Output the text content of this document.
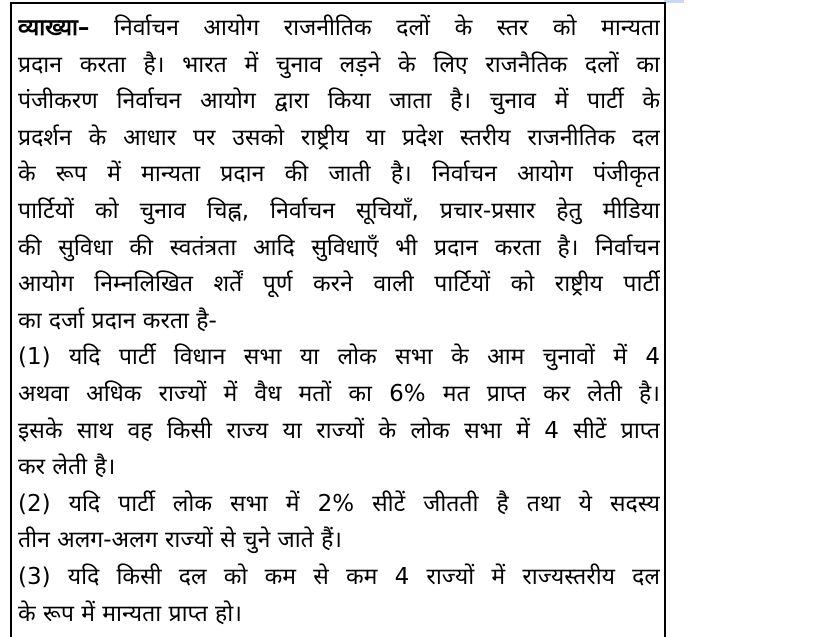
व्याख्या– निर्वाचन आयोग राजनीतिक दलों के स्तर को मान्यता
प्रदान करता है। भारत में चुनाव लड़ने के लिए राजनैतिक दलों का
पंजीकरण निर्वाचन आयोग द्वारा किया जाता है। चुनाव में पार्टी के
प्रदर्शन के आधार पर उसको राष्ट्रीय या प्रदेश स्तरीय राजनीतिक दल
के रूप में मान्यता प्रदान की जाती है। निर्वाचन आयोग पंजीकृत
पार्टियों को चुनाव चिह्न, निर्वाचन सूचियाँ, प्रचार-प्रसार हेतु मीडिया
की सुविधा की स्वतंत्रता आदि सुविधाएँ भी प्रदान करता है। निर्वाचन
आयोग निम्नलिखित शर्तें पूर्ण करने वाली पार्टियों को राष्ट्रीय पार्टी
का दर्जा प्रदान करता है-
(1) यदि पार्टी विधान सभा या लोक सभा के आम चुनावों में 4
अथवा अधिक राज्यों में वैध मतों का 6% मत प्राप्त कर लेती है।
इसके साथ वह किसी राज्य या राज्यों के लोक सभा में 4 सीटें प्राप्त
कर लेती है।
(2) यदि पार्टी लोक सभा में 2% सीटें जीतती है तथा ये सदस्य
तीन अलग-अलग राज्यों से चुने जाते हैं।
(3) यदि किसी दल को कम से कम 4 राज्यों में राज्यस्तरीय दल
के रूप में मान्यता प्राप्त हो।
